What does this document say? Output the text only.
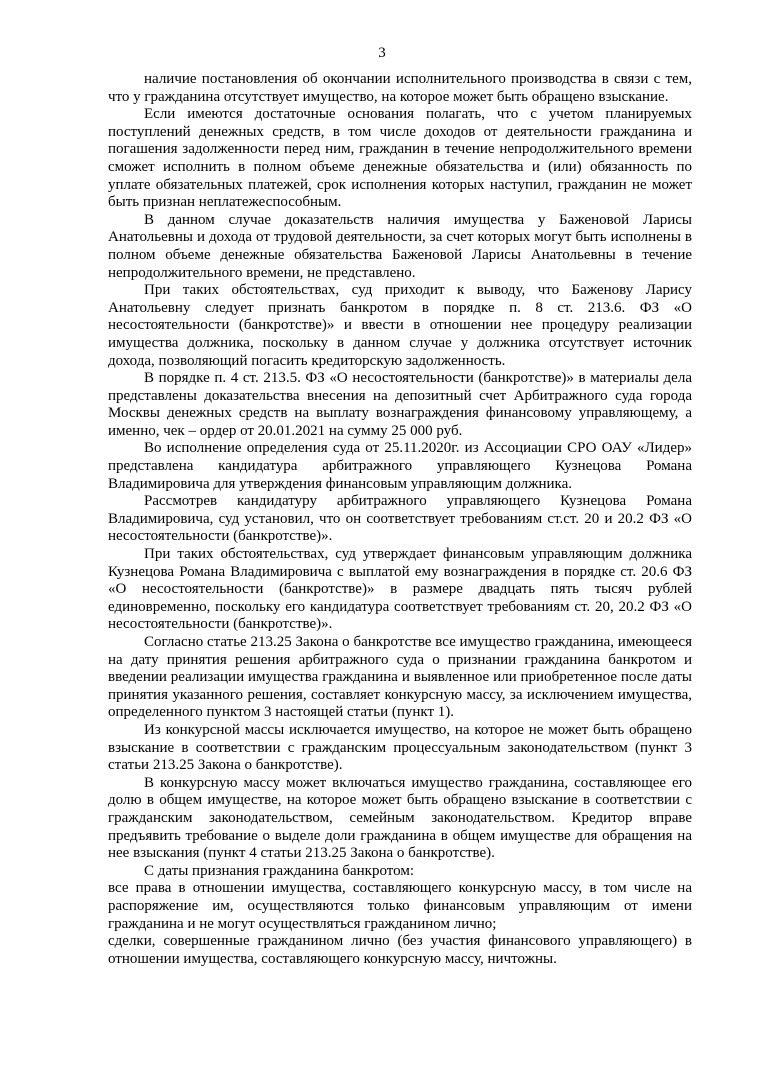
3

наличие постановления об окончании исполнительного производства в связи с тем, что у гражданина отсутствует имущество, на которое может быть обращено взыскание.

Если имеются достаточные основания полагать, что с учетом планируемых поступлений денежных средств, в том числе доходов от деятельности гражданина и погашения задолженности перед ним, гражданин в течение непродолжительного времени сможет исполнить в полном объеме денежные обязательства и (или) обязанность по уплате обязательных платежей, срок исполнения которых наступил, гражданин не может быть признан неплатежеспособным.

В данном случае доказательств наличия имущества у Баженовой Ларисы Анатольевны и дохода от трудовой деятельности, за счет которых могут быть исполнены в полном объеме денежные обязательства Баженовой Ларисы Анатольевны в течение непродолжительного времени, не представлено.

При таких обстоятельствах, суд приходит к выводу, что Баженову Ларису Анатольевну следует признать банкротом в порядке п. 8 ст. 213.6. ФЗ «О несостоятельности (банкротстве)» и ввести в отношении нее процедуру реализации имущества должника, поскольку в данном случае у должника отсутствует источник дохода, позволяющий погасить кредиторскую задолженность.

В порядке п. 4 ст. 213.5. ФЗ «О несостоятельности (банкротстве)» в материалы дела представлены доказательства внесения на депозитный счет Арбитражного суда города Москвы денежных средств на выплату вознаграждения финансовому управляющему, а именно, чек – ордер от 20.01.2021 на сумму 25 000 руб.

Во исполнение определения суда от 25.11.2020г. из Ассоциации СРО ОАУ «Лидер» представлена кандидатура арбитражного управляющего Кузнецова Романа Владимировича для утверждения финансовым управляющим должника.

Рассмотрев кандидатуру арбитражного управляющего Кузнецова Романа Владимировича, суд установил, что он соответствует требованиям ст.ст. 20 и 20.2 ФЗ «О несостоятельности (банкротстве)».

При таких обстоятельствах, суд утверждает финансовым управляющим должника Кузнецова Романа Владимировича с выплатой ему вознаграждения в порядке ст. 20.6 ФЗ «О несостоятельности (банкротстве)» в размере двадцать пять тысяч рублей единовременно, поскольку его кандидатура соответствует требованиям ст. 20, 20.2 ФЗ «О несостоятельности (банкротстве)».

Согласно статье 213.25 Закона о банкротстве все имущество гражданина, имеющееся на дату принятия решения арбитражного суда о признании гражданина банкротом и введении реализации имущества гражданина и выявленное или приобретенное после даты принятия указанного решения, составляет конкурсную массу, за исключением имущества, определенного пунктом 3 настоящей статьи (пункт 1).

Из конкурсной массы исключается имущество, на которое не может быть обращено взыскание в соответствии с гражданским процессуальным законодательством (пункт 3 статьи 213.25 Закона о банкротстве).

В конкурсную массу может включаться имущество гражданина, составляющее его долю в общем имуществе, на которое может быть обращено взыскание в соответствии с гражданским законодательством, семейным законодательством. Кредитор вправе предъявить требование о выделе доли гражданина в общем имуществе для обращения на нее взыскания (пункт 4 статьи 213.25 Закона о банкротстве).

С даты признания гражданина банкротом:

все права в отношении имущества, составляющего конкурсную массу, в том числе на распоряжение им, осуществляются только финансовым управляющим от имени гражданина и не могут осуществляться гражданином лично;

сделки, совершенные гражданином лично (без участия финансового управляющего) в отношении имущества, составляющего конкурсную массу, ничтожны.
